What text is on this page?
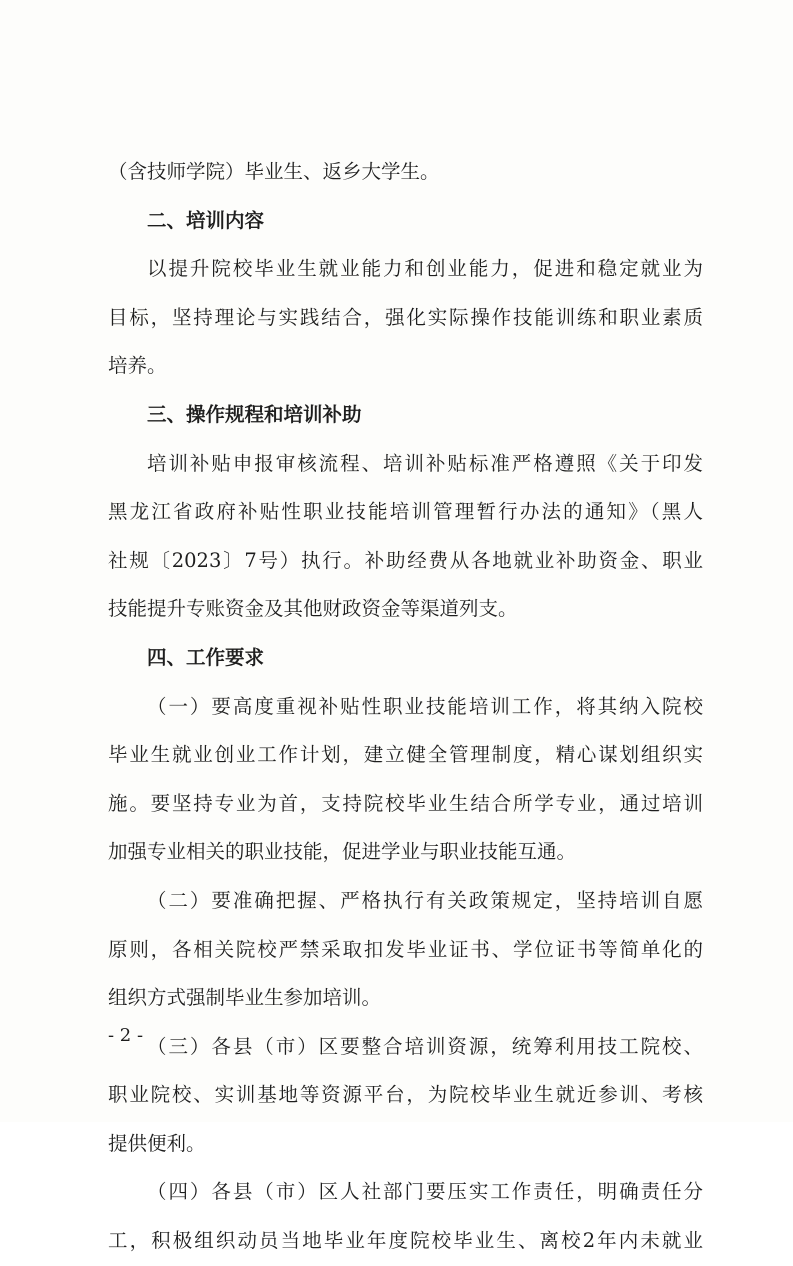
（含技师学院）毕业生、返乡大学生。
二、培训内容
以提升院校毕业生就业能力和创业能力，促进和稳定就业为
目标，坚持理论与实践结合，强化实际操作技能训练和职业素质
培养。
三、操作规程和培训补助
培训补贴申报审核流程、培训补贴标准严格遵照《关于印发
黑龙江省政府补贴性职业技能培训管理暂行办法的通知》（黑人
社规〔2023〕7号）执行。补助经费从各地就业补助资金、职业
技能提升专账资金及其他财政资金等渠道列支。
四、工作要求
（一）要高度重视补贴性职业技能培训工作，将其纳入院校
毕业生就业创业工作计划，建立健全管理制度，精心谋划组织实
施。要坚持专业为首，支持院校毕业生结合所学专业，通过培训
加强专业相关的职业技能，促进学业与职业技能互通。
（二）要准确把握、严格执行有关政策规定，坚持培训自愿
原则，各相关院校严禁采取扣发毕业证书、学位证书等简单化的
组织方式强制毕业生参加培训。
（三）各县（市）区要整合培训资源，统筹利用技工院校、
职业院校、实训基地等资源平台，为院校毕业生就近参训、考核
提供便利。
（四）各县（市）区人社部门要压实工作责任，明确责任分
工，积极组织动员当地毕业年度院校毕业生、离校2年内未就业
- 2 -
